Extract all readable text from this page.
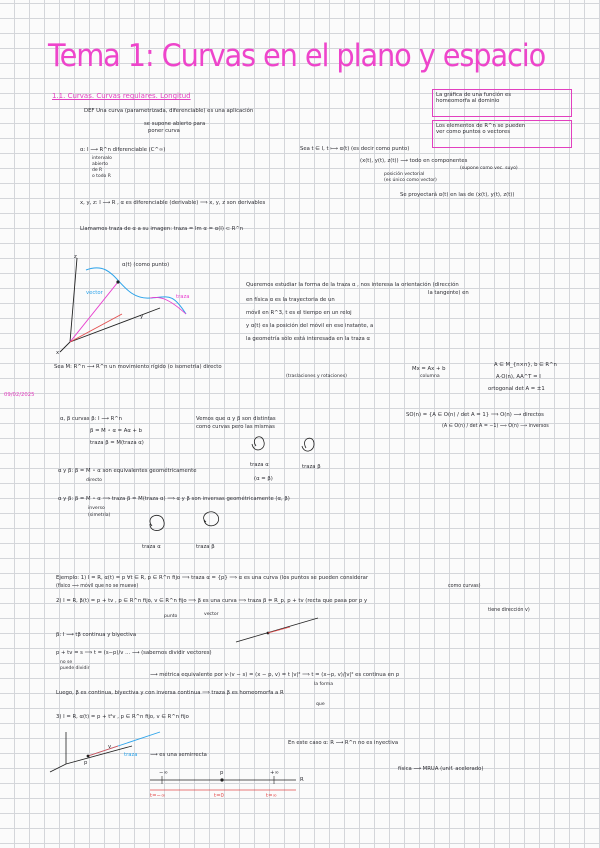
Tema 1: Curvas en el plano y espacio
1.1. Curvas. Curvas regulares. Longitud	La gráfica de una función es
homeomorfa al dominio
Los elementos de R^n se pueden
ver como puntos o vectores
DEF Una curva (parametrizada, diferenciable) es una aplicación
se supone abierto para
poner curva
α: I ⟶ R^n diferenciable (C^∞)
intervalo
abierto
de R
o todo R
Sea t ∈ I, t ⟼ α(t) (es decir como punto)
(x(t), y(t), z(t)) ⟶ todo en componentes
(supone como vec. suyo)
posición vectorial
(es único como vector)
Se proyectará α(t) en las de (x(t), y(t), z(t))
x, y, z: I ⟶ R , α es diferenciable (derivable) ⟹ x, y, z son derivables
Llamamos traza de α a su imagen: traza = Im α = α(I) ⊂ R^n
α(t) (como punto)
vector
traza
z
y
x
Queremos estudiar la forma de la traza α , nos interesa la orientación (dirección
la tangente) en
en física α es la trayectoria de un
móvil en R^3, t es el tiempo en un reloj
y α(t) es la posición del móvil en ese instante, a
la geometría sólo está interesada en la traza α
Sea M: R^n ⟶ R^n un movimiento rígido (o isometría) directo
(traslaciones y rotaciones)
Mx = Ax + b
columna
A ∈ M_{n×n}, b ∈ R^n
A·O(n), AA^T = I
ortogonal det A = ±1
09/02/2025
SO(n) = {A ∈ O(n) / det A = 1} ⟹ O(n) ⟶ directos
(A ∈ O(n) / det A = −1) ⟹ O(n) ⟶ inversos
α, β curvas β: I ⟶ R^n
β = M ∘ α = Aα + b
traza β = M(traza α)
Vemos que α y β son distintas
como curvas pero las mismas
traza α	traza β
(α = β)
α y β: β = M ∘ α son equivalentes geométricamente
directo
α y β: β = M ∘ α ⟹ traza β = M(traza α) ⟹ α y β son inversas geométricamente (α, β)
inverso
(simetría)
traza α	traza β
Ejemplo: 1) I = R, α(t) = p ∀t ∈ R, p ∈ R^n fijo ⟹ traza α = {p} ⟹ α es una curva (los puntos se pueden considerar
(físico ⟹ móvil que no se mueve)	como curvas)
2) I = R, β(t) = p + tv , p ∈ R^n fijo, v ∈ R^n fijo ⟹ β es una curva ⟹ traza β = R_p, p + tv (recta que pasa por p y
punto	vector
tiene dirección v)
β: I ⟶ tβ continua y biyectiva
p + tv = s ⟹ t = (s−p)/v ... ⟶ (sabemos dividir vectores)
no se
puede dividir
⟶ métrica equivalente por v·(v − s) = (x − p, v) = t |v|² ⟹ t = (x−p, v)/|v|² es continua en p
la forma
que
Luego, β es continua, biyectiva y con inversa continua ⟹ traza β es homeomorfa a R
3) I = R, α(t) = p + t²v , p ∈ R^n fijo, v ∈ R^n fijo
En este caso α: R ⟶ R^n no es inyectiva
p
v
traza ⟶ es una semirrecta
−∞	p	+∞
R
t=−∞	t=0	t=∞
física ⟶ MRUA (unif. acelerado)
